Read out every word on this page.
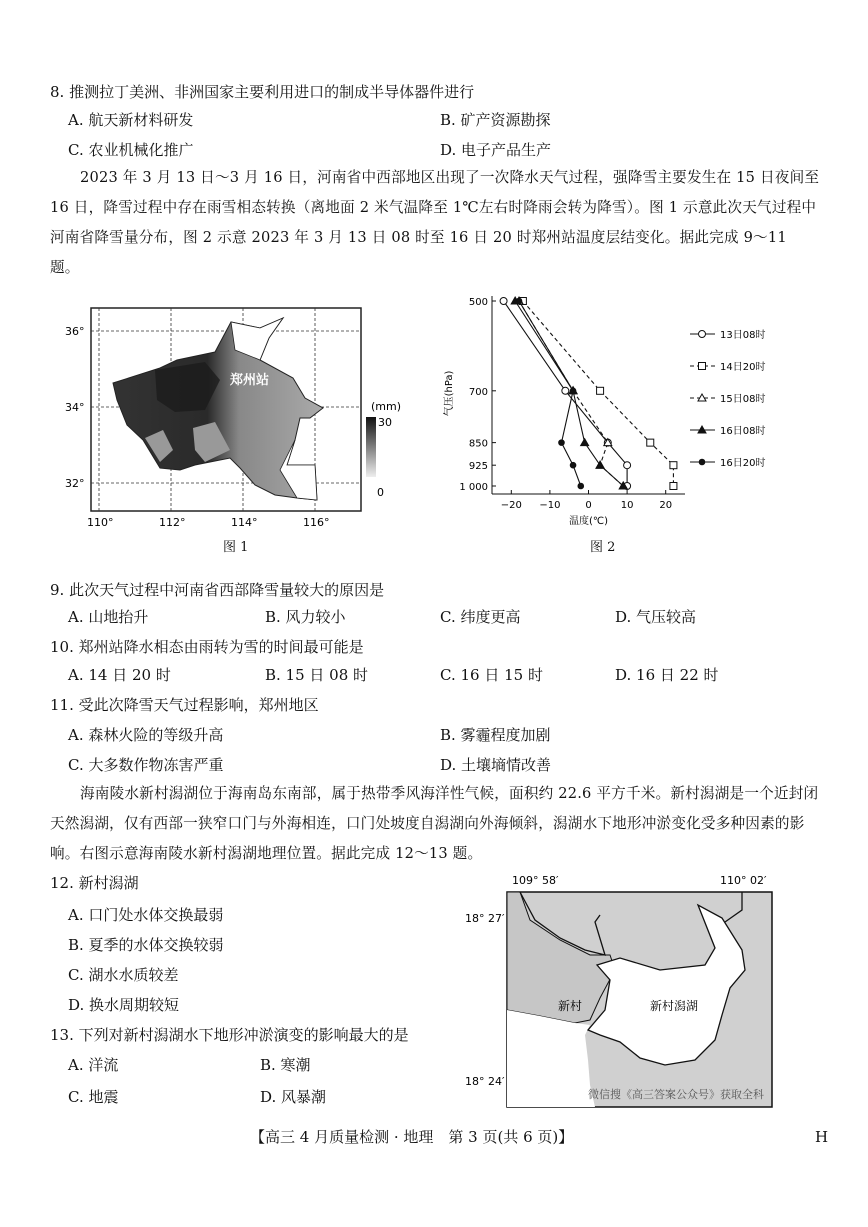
8. 推测拉丁美洲、非洲国家主要利用进口的制成半导体器件进行
A. 航天新材料研发	B. 矿产资源勘探
C. 农业机械化推广	D. 电子产品生产
2023 年 3 月 13 日～3 月 16 日，河南省中西部地区出现了一次降水天气过程，强降雪主要发生在 15 日夜间至 16 日，降雪过程中存在雨雪相态转换（离地面 2 米气温降至 1℃左右时降雨会转为降雪）。图 1 示意此次天气过程中河南省降雪量分布，图 2 示意 2023 年 3 月 13 日 08 时至 16 日 20 时郑州站温度层结变化。据此完成 9～11 题。
郑州站
36°
34°
32°
110°	112°	114°	116°
(mm)
30
0
图 1
−20 −10 0	10	20
500
700
850
925
1 000
温度(℃)
气压(hPa)
13日08时
14日20时
15日08时
16日08时
16日20时
图 2
9. 此次天气过程中河南省西部降雪量较大的原因是
A. 山地抬升	B. 风力较小	C. 纬度更高	D. 气压较高
10. 郑州站降水相态由雨转为雪的时间最可能是
A. 14 日 20 时	B. 15 日 08 时	C. 16 日 15 时	D. 16 日 22 时
11. 受此次降雪天气过程影响，郑州地区
A. 森林火险的等级升高	B. 雾霾程度加剧
C. 大多数作物冻害严重	D. 土壤墒情改善
海南陵水新村潟湖位于海南岛东南部，属于热带季风海洋性气候，面积约 22.6 平方千米。新村潟湖是一个近封闭天然潟湖，仅有西部一狭窄口门与外海相连，口门处坡度自潟湖向外海倾斜，潟湖水下地形冲淤变化受多种因素的影响。右图示意海南陵水新村潟湖地理位置。据此完成 12～13 题。
12. 新村潟湖
A. 口门处水体交换最弱
B. 夏季的水体交换较弱
C. 湖水水质较差
D. 换水周期较短
13. 下列对新村潟湖水下地形冲淤演变的影响最大的是
A. 洋流	B. 寒潮
C. 地震	D. 风暴潮
新村	新村潟湖
109° 58′	110° 02′
18° 27′
18° 24′
微信搜《高三答案公众号》获取全科
【高三 4 月质量检测 · 地理　第 3 页(共 6 页)】	H
